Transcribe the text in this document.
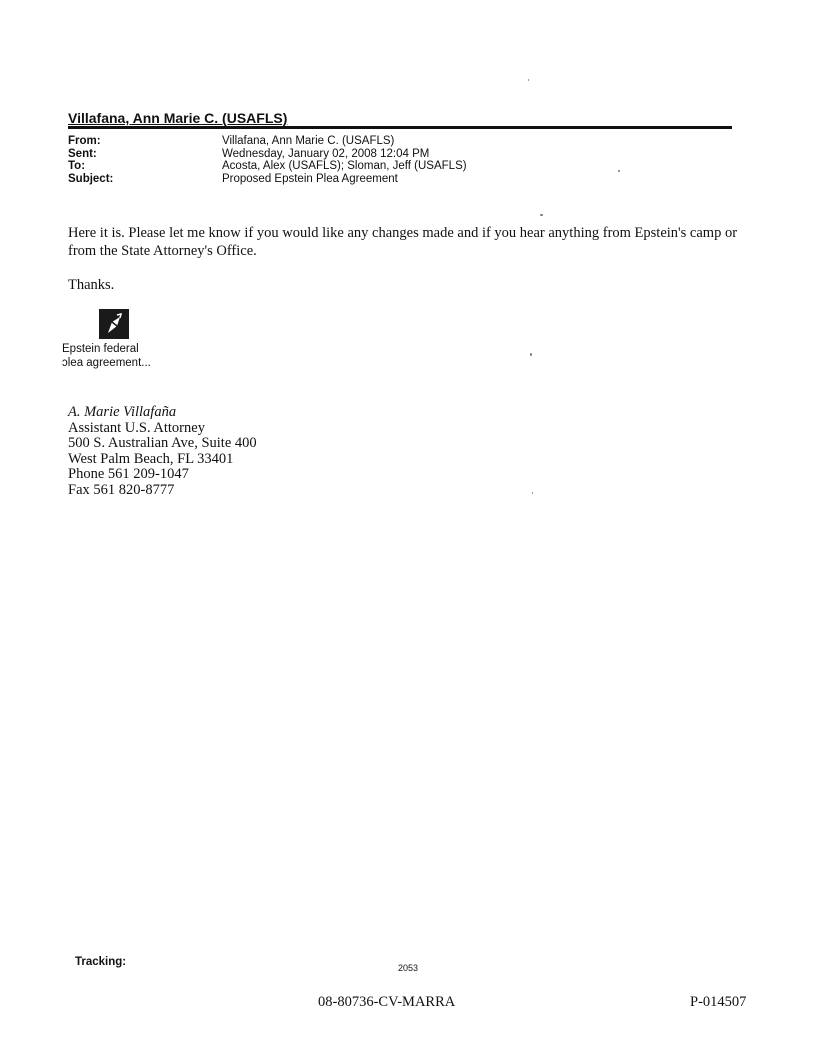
Villafana, Ann Marie C. (USAFLS)
From:	Villafana, Ann Marie C. (USAFLS)
Sent:	Wednesday, January 02, 2008 12:04 PM
To:	Acosta, Alex (USAFLS); Sloman, Jeff (USAFLS)
Subject:	Proposed Epstein Plea Agreement

Here it is. Please let me know if you would like any changes made and if you hear anything from Epstein's camp or from the State Attorney's Office.

Thanks.

Epstein federal
ɔlea agreement...
A. Marie Villafaña
Assistant U.S. Attorney
500 S. Australian Ave, Suite 400
West Palm Beach, FL 33401
Phone 561 209-1047
Fax 561 820-8777
Tracking:	2053
08-80736-CV-MARRA	P-014507
